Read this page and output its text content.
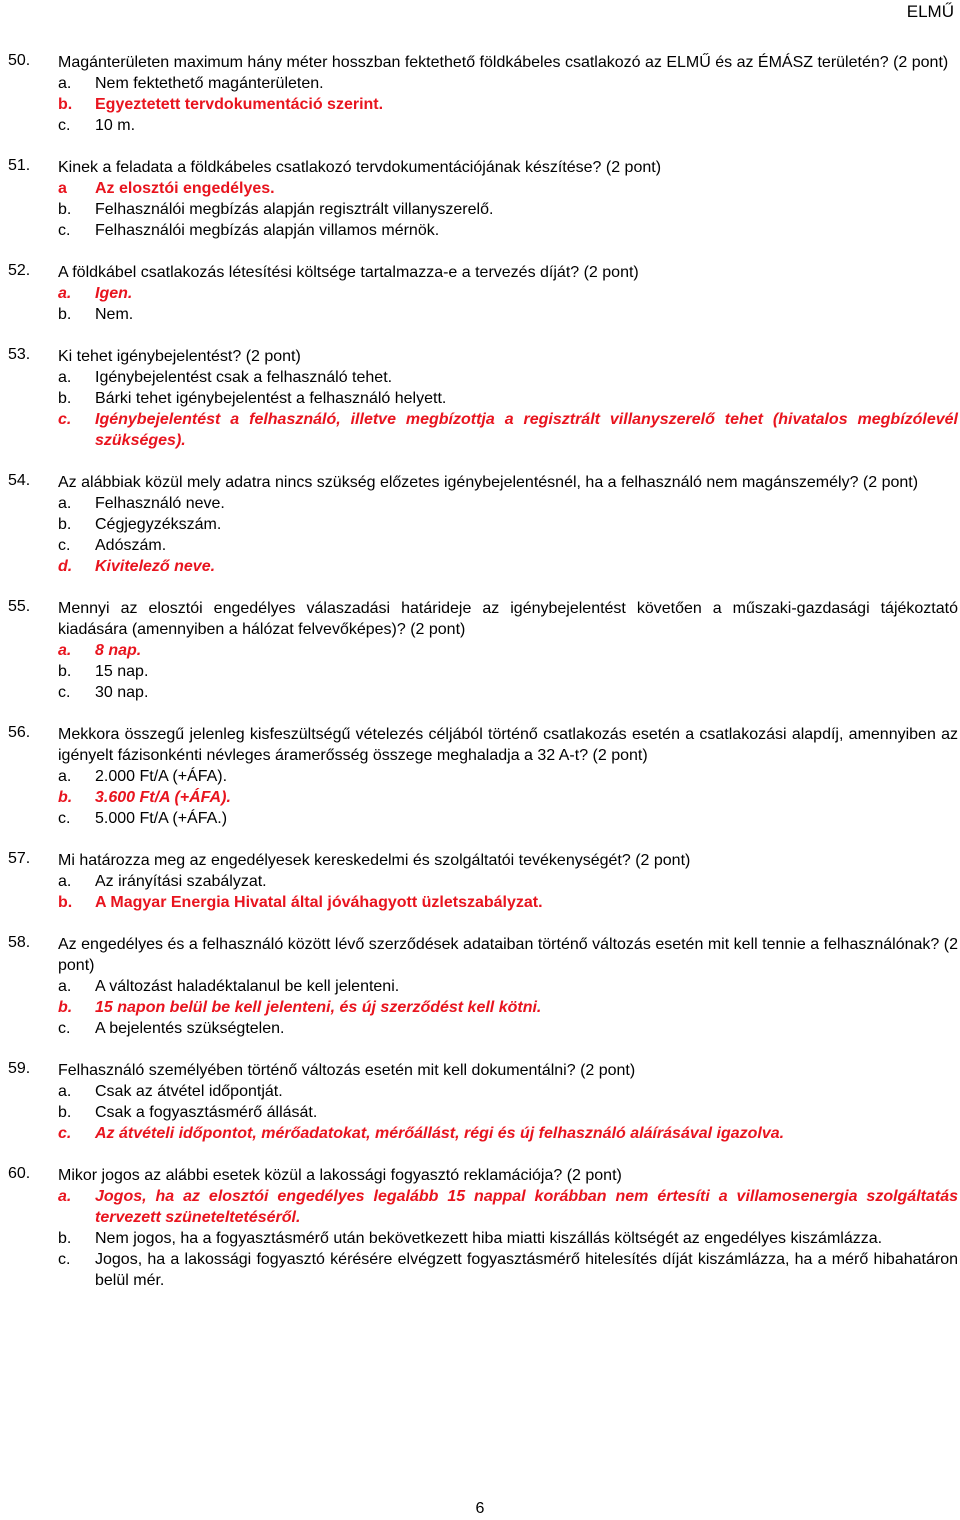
ELMŰ
50.	Magánterületen maximum hány méter hosszban fektethető földkábeles csatlakozó az ELMŰ és az ÉMÁSZ területén? (2 pont)
a.	Nem fektethető magánterületen.
b.	Egyeztetett tervdokumentáció szerint.
c.	10 m.
51.	Kinek a feladata a földkábeles csatlakozó tervdokumentációjának készítése? (2 pont)
a	Az elosztói engedélyes.
b.	Felhasználói megbízás alapján regisztrált villanyszerelő.
c.	Felhasználói megbízás alapján villamos mérnök.
52.	A földkábel csatlakozás létesítési költsége tartalmazza-e a tervezés díját? (2 pont)
a.	Igen.
b.	Nem.
53.	Ki tehet igénybejelentést? (2 pont)
a.	Igénybejelentést csak a felhasználó tehet.
b.	Bárki tehet igénybejelentést a felhasználó helyett.
c.	Igénybejelentést a felhasználó, illetve megbízottja a regisztrált villanyszerelő tehet (hivatalos megbízólevél szükséges).
54.	Az alábbiak közül mely adatra nincs szükség előzetes igénybejelentésnél, ha a felhasználó nem magánszemély? (2 pont)
a.	Felhasználó neve.
b.	Cégjegyzékszám.
c.	Adószám.
d.	Kivitelező neve.
55.	Mennyi az elosztói engedélyes válaszadási határideje az igénybejelentést követően a műszaki-gazdasági tájékoztató kiadására (amennyiben a hálózat felvevőképes)? (2 pont)
a.	8 nap.
b.	15 nap.
c.	30 nap.
56.	Mekkora összegű jelenleg kisfeszültségű vételezés céljából történő csatlakozás esetén a csatlakozási alapdíj, amennyiben az igényelt fázisonkénti névleges áramerősség összege meghaladja a 32 A-t? (2 pont)
a.	2.000 Ft/A (+ÁFA).
b.	3.600 Ft/A (+ÁFA).
c.	5.000 Ft/A (+ÁFA.)
57.	Mi határozza meg az engedélyesek kereskedelmi és szolgáltatói tevékenységét? (2 pont)
a.	Az irányítási szabályzat.
b.	A Magyar Energia Hivatal által jóváhagyott üzletszabályzat.
58.	Az engedélyes és a felhasználó között lévő szerződések adataiban történő változás esetén mit kell tennie a felhasználónak? (2 pont)
a.	A változást haladéktalanul be kell jelenteni.
b.	15 napon belül be kell jelenteni, és új szerződést kell kötni.
c.	A bejelentés szükségtelen.
59.	Felhasználó személyében történő változás esetén mit kell dokumentálni? (2 pont)
a.	Csak az átvétel időpontját.
b.	Csak a fogyasztásmérő állását.
c.	Az átvételi időpontot, mérőadatokat, mérőállást, régi és új felhasználó aláírásával igazolva.
60.	Mikor jogos az alábbi esetek közül a lakossági fogyasztó reklamációja? (2 pont)
a.	Jogos, ha az elosztói engedélyes legalább 15 nappal korábban nem értesíti a villamosenergia szolgáltatás tervezett szüneteltetéséről.
b.	Nem jogos, ha a fogyasztásmérő után bekövetkezett hiba miatti kiszállás költségét az engedélyes kiszámlázza.
c.	Jogos, ha a lakossági fogyasztó kérésére elvégzett fogyasztásmérő hitelesítés díját kiszámlázza, ha a mérő hibahatáron belül mér.
6
